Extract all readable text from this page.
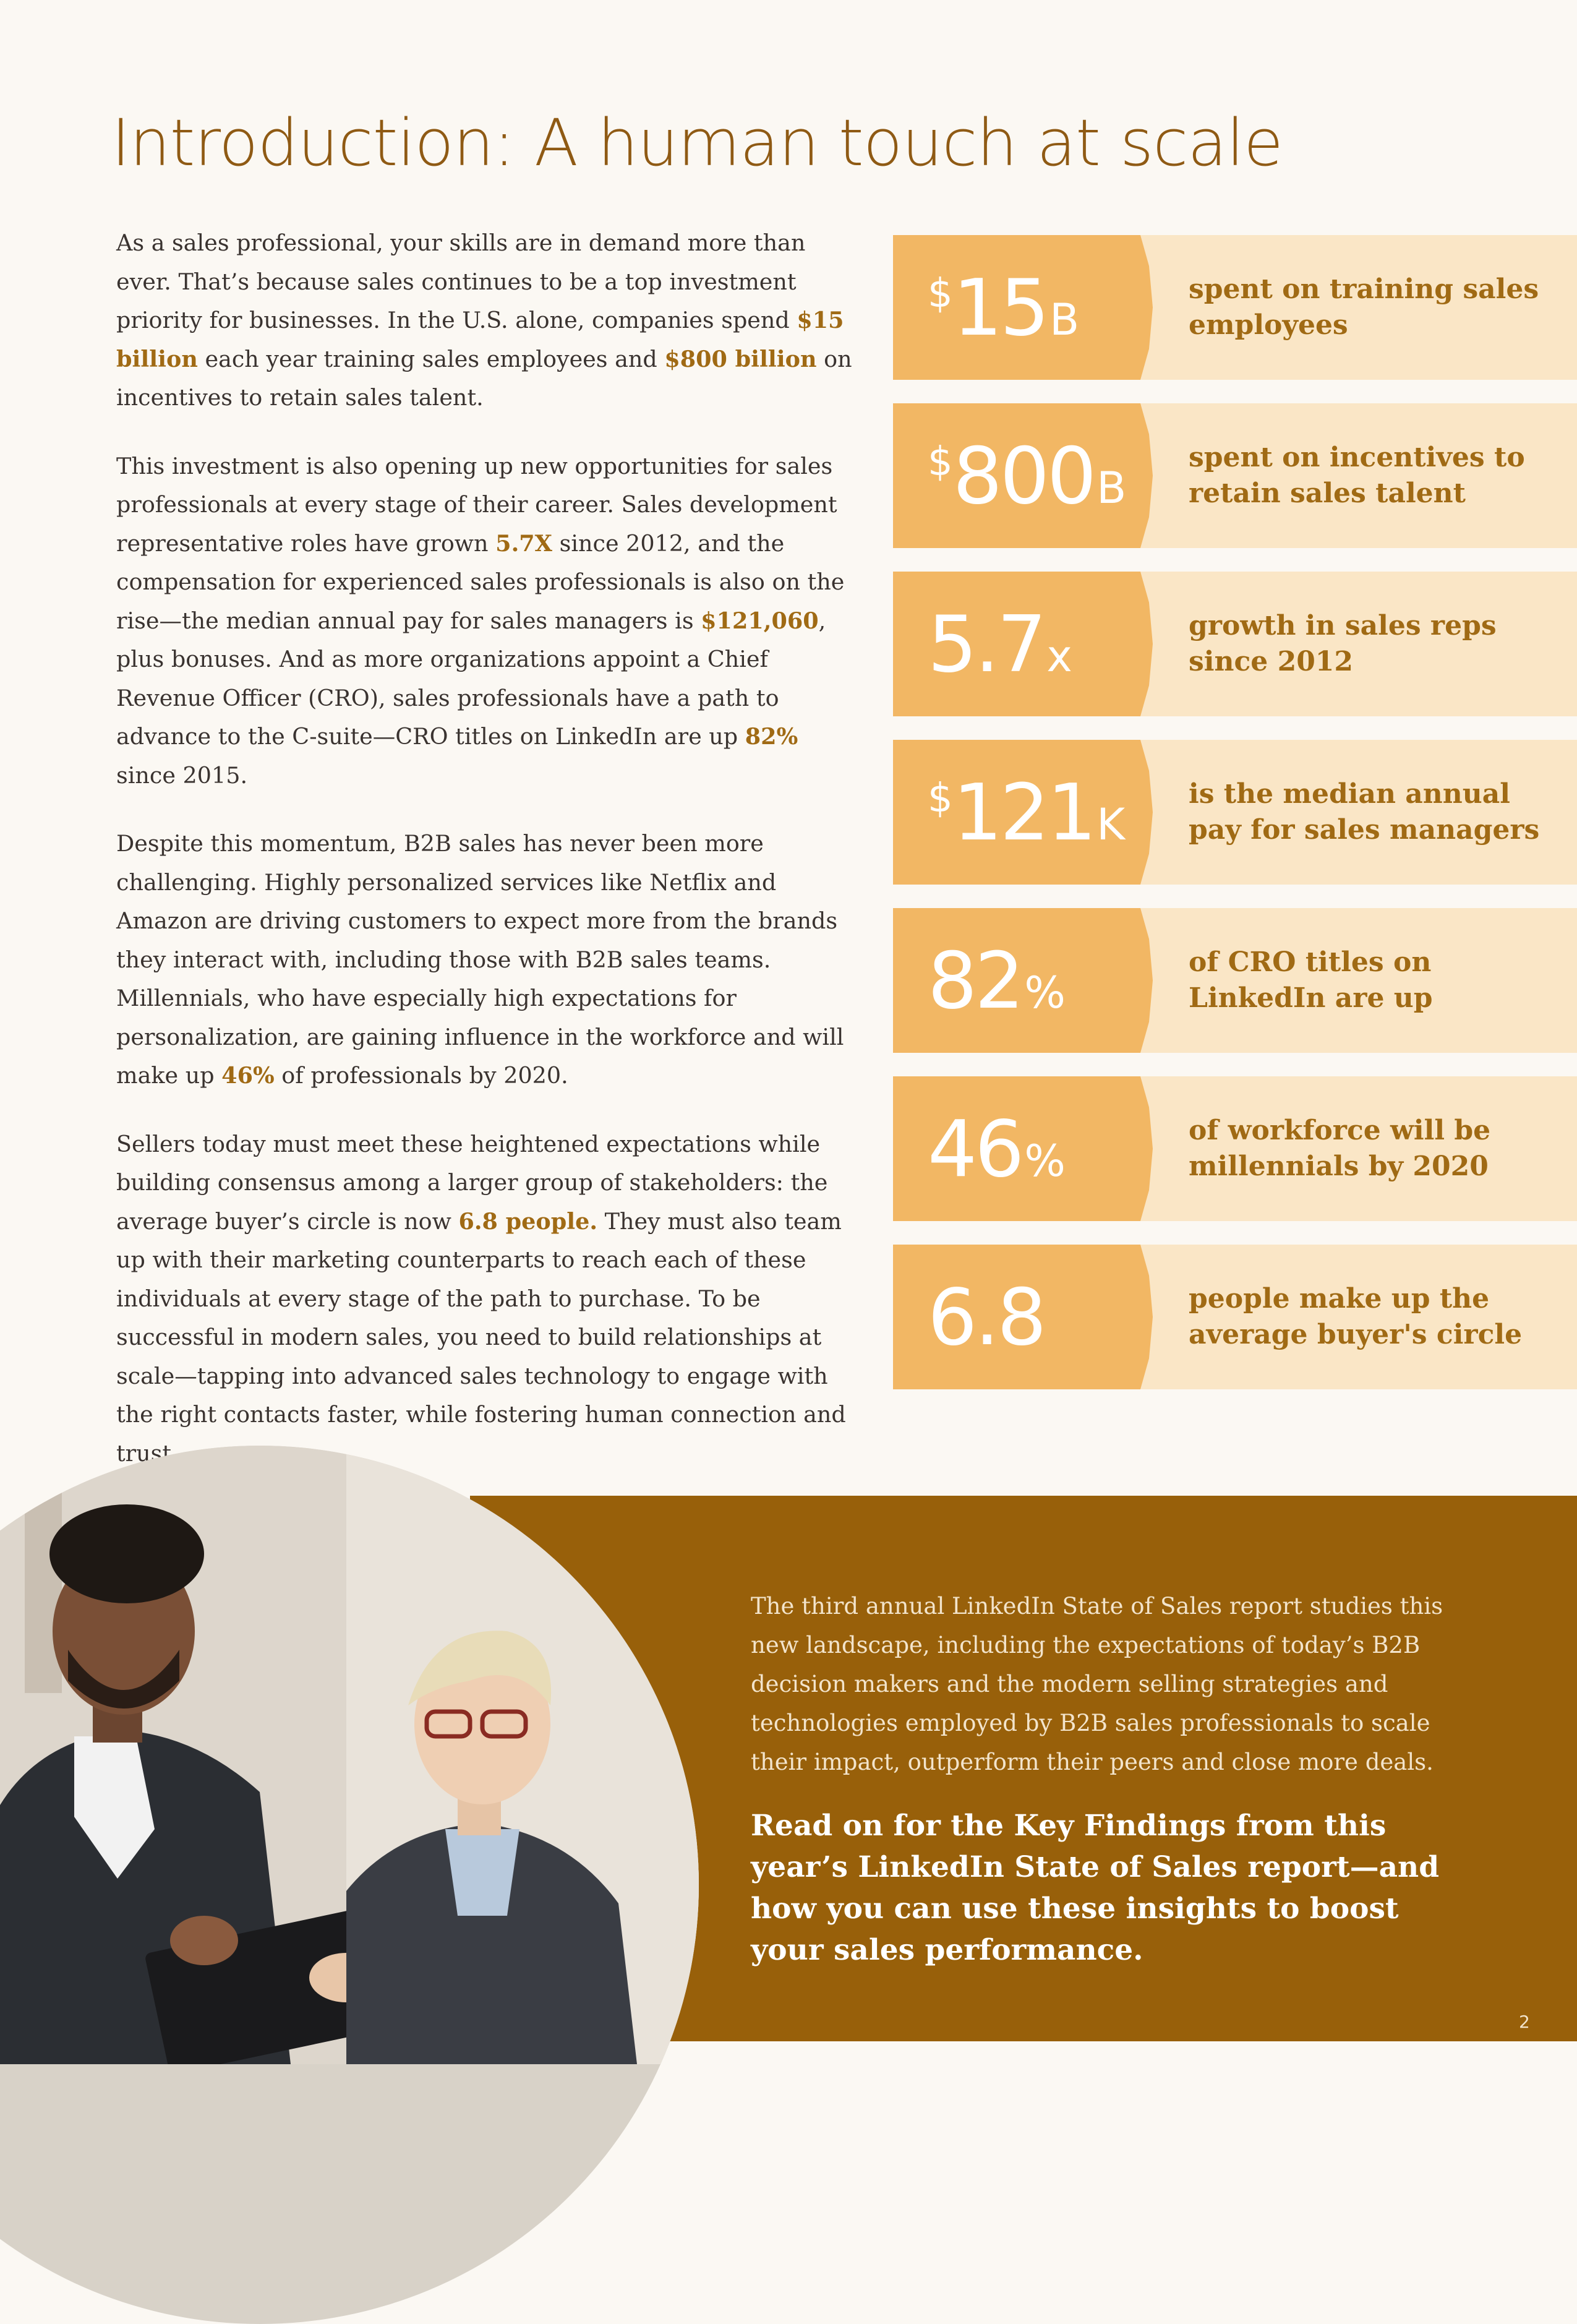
Introduction: A human touch at scale

As a sales professional, your skills are in demand more than ever. That’s because sales continues to be a top investment priority for businesses. In the U.S. alone, companies spend $15 billion each year training sales employees and $800 billion on incentives to retain sales talent.

This investment is also opening up new opportunities for sales professionals at every stage of their career. Sales development representative roles have grown 5.7X since 2012, and the compensation for experienced sales professionals is also on the rise—the median annual pay for sales managers is $121,060, plus bonuses. And as more organizations appoint a Chief Revenue Officer (CRO), sales professionals have a path to advance to the C-suite—CRO titles on LinkedIn are up 82% since 2015.

Despite this momentum, B2B sales has never been more challenging. Highly personalized services like Netflix and Amazon are driving customers to expect more from the brands they interact with, including those with B2B sales teams. Millennials, who have especially high expectations for personalization, are gaining influence in the workforce and will make up 46% of professionals by 2020.

Sellers today must meet these heightened expectations while building consensus among a larger group of stakeholders: the average buyer’s circle is now 6.8 people. They must also team up with their marketing counterparts to reach each of these individuals at every stage of the path to purchase. To be successful in modern sales, you need to build relationships at scale—tapping into advanced sales technology to engage with the right contacts faster, while fostering human connection and

$ 15 B
spent on training sales employees
$ 800 B
spent on incentives to retain sales talent
5.7 x
growth in sales reps since 2012
$ 121 K
is the median annual pay for sales managers
82 %
of CRO titles on LinkedIn are up
46 %
of workforce will be millennials by 2020
6.8	people make up the average buyer's circle

The third annual LinkedIn State of Sales report studies this new landscape, including the expectations of today’s B2B decision makers and the modern selling strategies and technologies employed by B2B sales professionals to scale their impact, outperform their peers and close more deals.

Read on for the Key Findings from this year’s LinkedIn State of Sales report—and how you can use these insights to boost your sales performance.

2
